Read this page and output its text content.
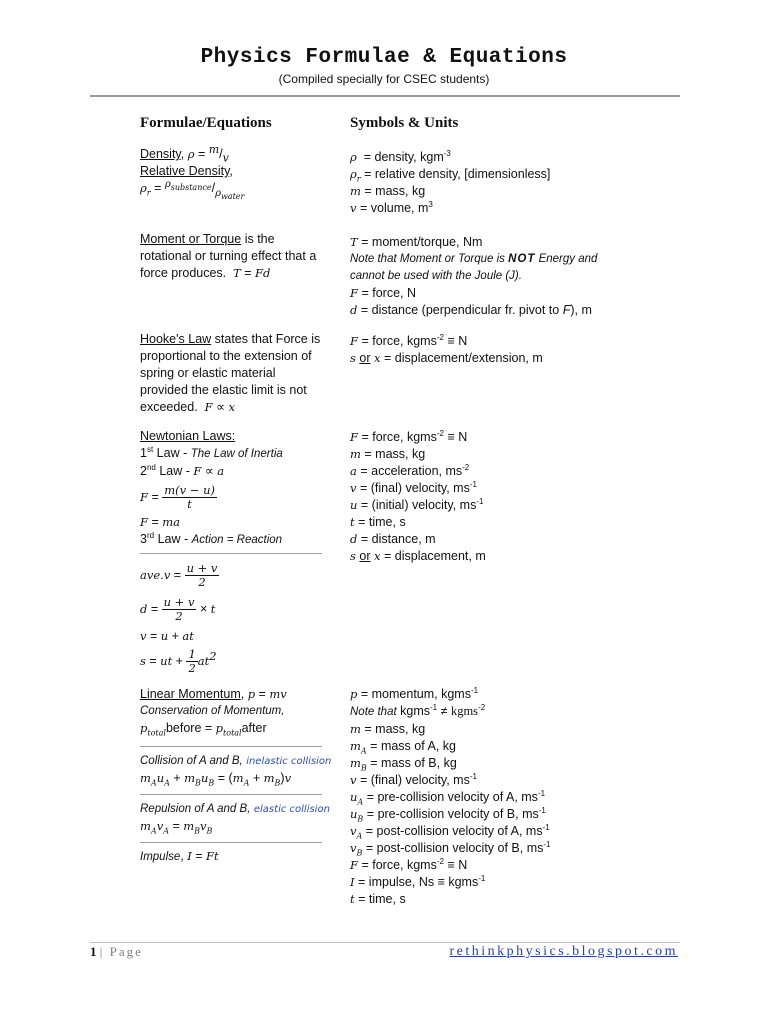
Physics Formulae & Equations
(Compiled specially for CSEC students)
Formulae/Equations	Symbols & Units
Density, $\rho = ^m/_v$
Relative Density,
$\rho_r = ^{\rho_{substance}}/_{\rho_{water}}$
ρ = density, kgm$^{-3}$
$\rho_r$ = relative density, [dimensionless]
m = mass, kg
v = volume, $m^3$
Moment or Torque is the
rotational or turning effect that a
force produces. T = Fd
T = moment/torque, Nm
Note that Moment or Torque is NOT Energy and
cannot be used with the Joule (J).
F = force, N
d = distance (perpendicular fr. pivot to F), m
Hooke's Law states that Force is
proportional to the extension of
spring or elastic material
provided the elastic limit is not
exceeded. F ∝ x
F = force, kgms$^{-2}$ ≡ N
s or x = displacement/extension, m
Newtonian Laws:
1st Law - The Law of Inertia
2nd Law - F ∝ a
$F = \frac{m(v - u)}{t}$
F = ma
3rd Law - Action = Reaction
$ave.v = \frac{u + v}{2}$
$d = \frac{u + v}{2} \times t$
v = u + at
s = ut + $\frac{1}{2} at^2$
F = force, kgms$^{-2}$ ≡ N
m = mass, kg
a = acceleration, $ms^{-2}$
v = (final) velocity, $ms^{-1}$
u = (initial) velocity, $ms^{-1}$
t = time, s
d = distance, m
s or x = displacement, m
Linear Momentum, p = mv
Conservation of Momentum,
$p_{total}before$ = $p_{total}after$
Collision of A and B, inelastic collision
$m_Au_A + m_Bu_B = (m_A + m_B)v$
Repulsion of A and B, elastic collision
$m_Av_A = m_Bv_B$
Impulse, I = Ft
p = momentum, kgms$^{-1}$
Note that kgms$^{-1}$ ≠ kgms$^{-2}$
m = mass, kg
$m_A$ = mass of A, kg
$m_B$ = mass of B, kg
v = (final) velocity, $ms^{-1}$
$u_A$ = pre-collision velocity of A, $ms^{-1}$
$u_B$ = pre-collision velocity of B, $ms^{-1}$
$v_A$ = post-collision velocity of A, $ms^{-1}$
$v_B$ = post-collision velocity of B, $ms^{-1}$
F = force, kgms$^{-2}$ ≡ N
I = impulse, Ns ≡ kgms$^{-1}$
t = time, s
1 | Page	rethinkphysics.blogspot.com
